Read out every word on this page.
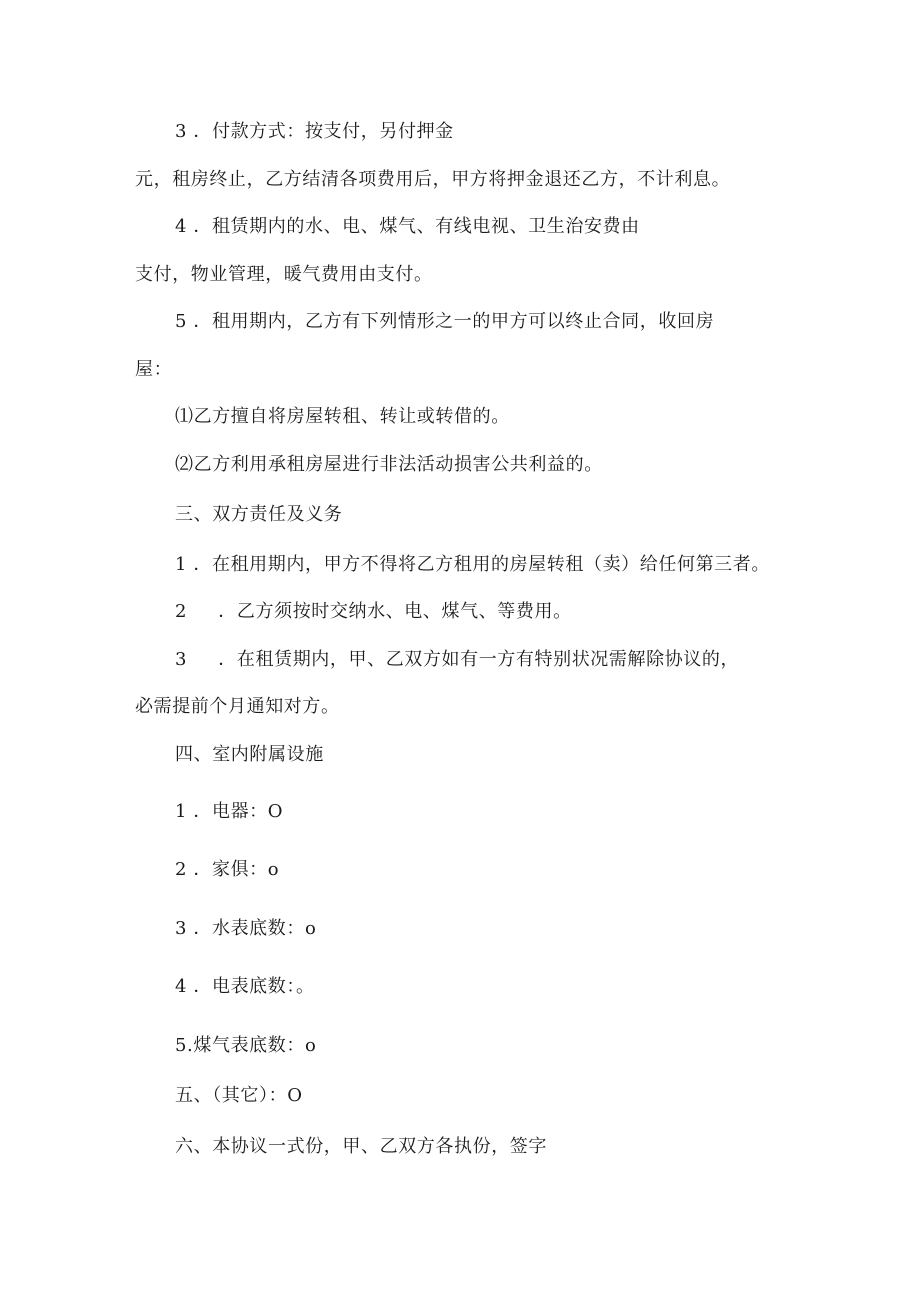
3 ．付款方式：按支付，另付押金
元，租房终止，乙方结清各项费用后，甲方将押金退还乙方，不计利息。
4 ．租赁期内的水、电、煤气、有线电视、卫生治安费由
支付，物业管理，暖气费用由支付。
5 ．租用期内，乙方有下列情形之一的甲方可以终止合同，收回房
屋：
⑴乙方擅自将房屋转租、转让或转借的。
⑵乙方利用承租房屋进行非法活动损害公共利益的。
三、双方责任及义务
1 ．在租用期内，甲方不得将乙方租用的房屋转租（卖）给任何第三者。
2 　 ．乙方须按时交纳水、电、煤气、等费用。
3 　 ．在租赁期内，甲、乙双方如有一方有特别状况需解除协议的，
必需提前个月通知对方。
四、室内附属设施
1 ．电器：O
2 ．家俱：o
3 ．水表底数：o
4 ．电表底数：。
5.煤气表底数：o
五、（其它）：O
六、本协议一式份，甲、乙双方各执份，签字
